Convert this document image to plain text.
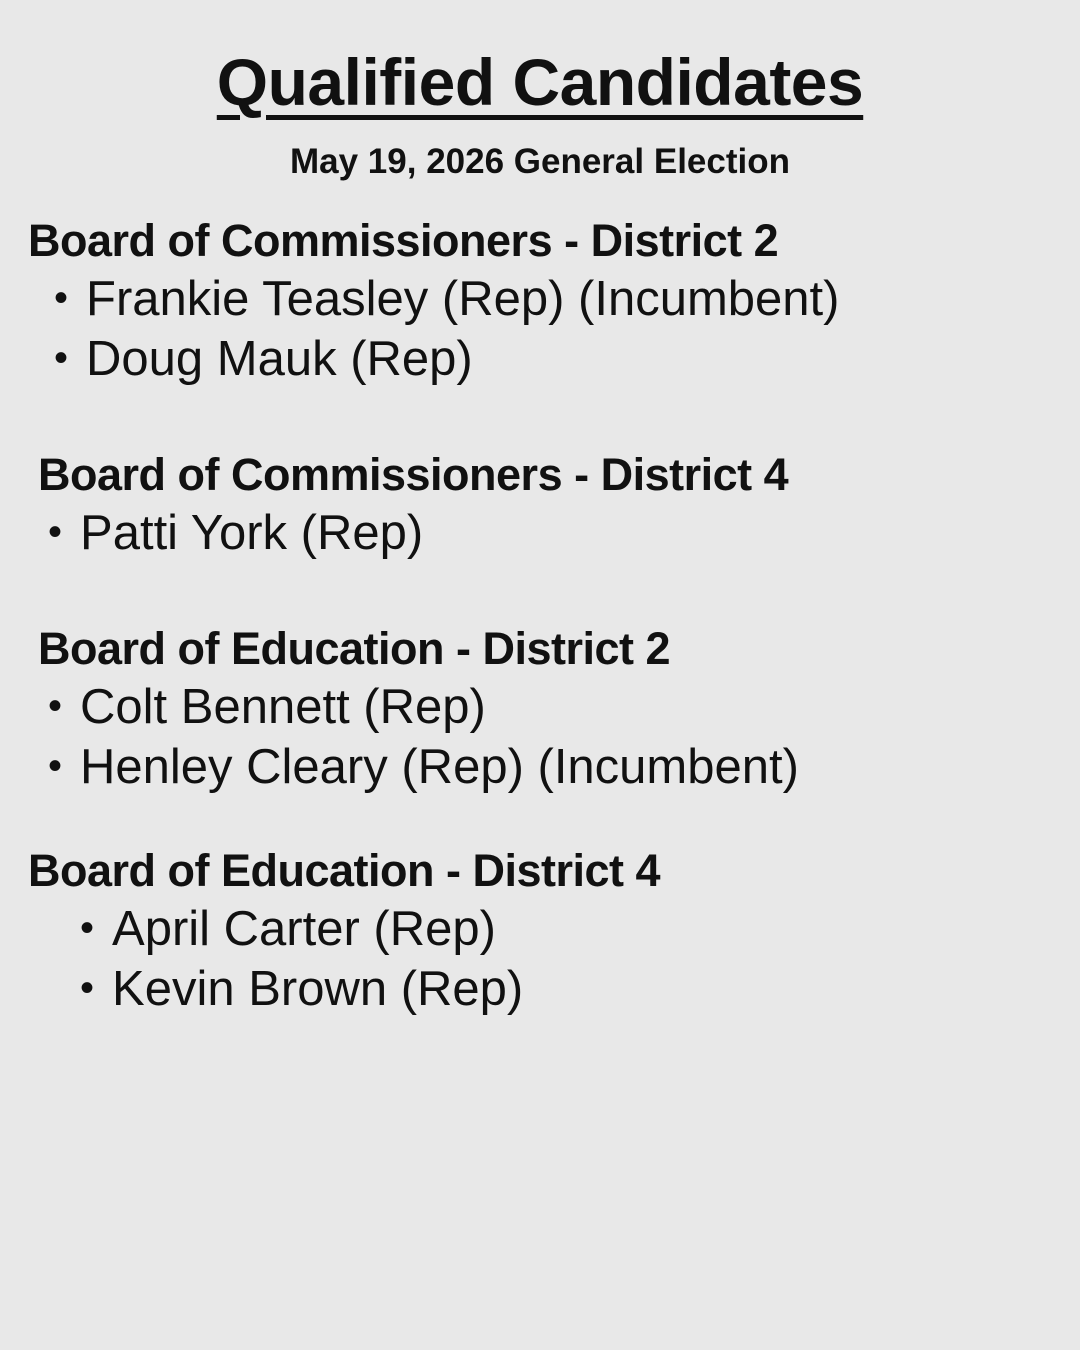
Qualified Candidates
May 19, 2026 General Election
Board of Commissioners - District 2
• Frankie Teasley (Rep) (Incumbent)
• Doug Mauk (Rep)
Board of Commissioners - District 4
• Patti York (Rep)
Board of Education - District 2
• Colt Bennett (Rep)
• Henley Cleary (Rep) (Incumbent)
Board of Education - District 4
• April Carter (Rep)
• Kevin Brown (Rep)
